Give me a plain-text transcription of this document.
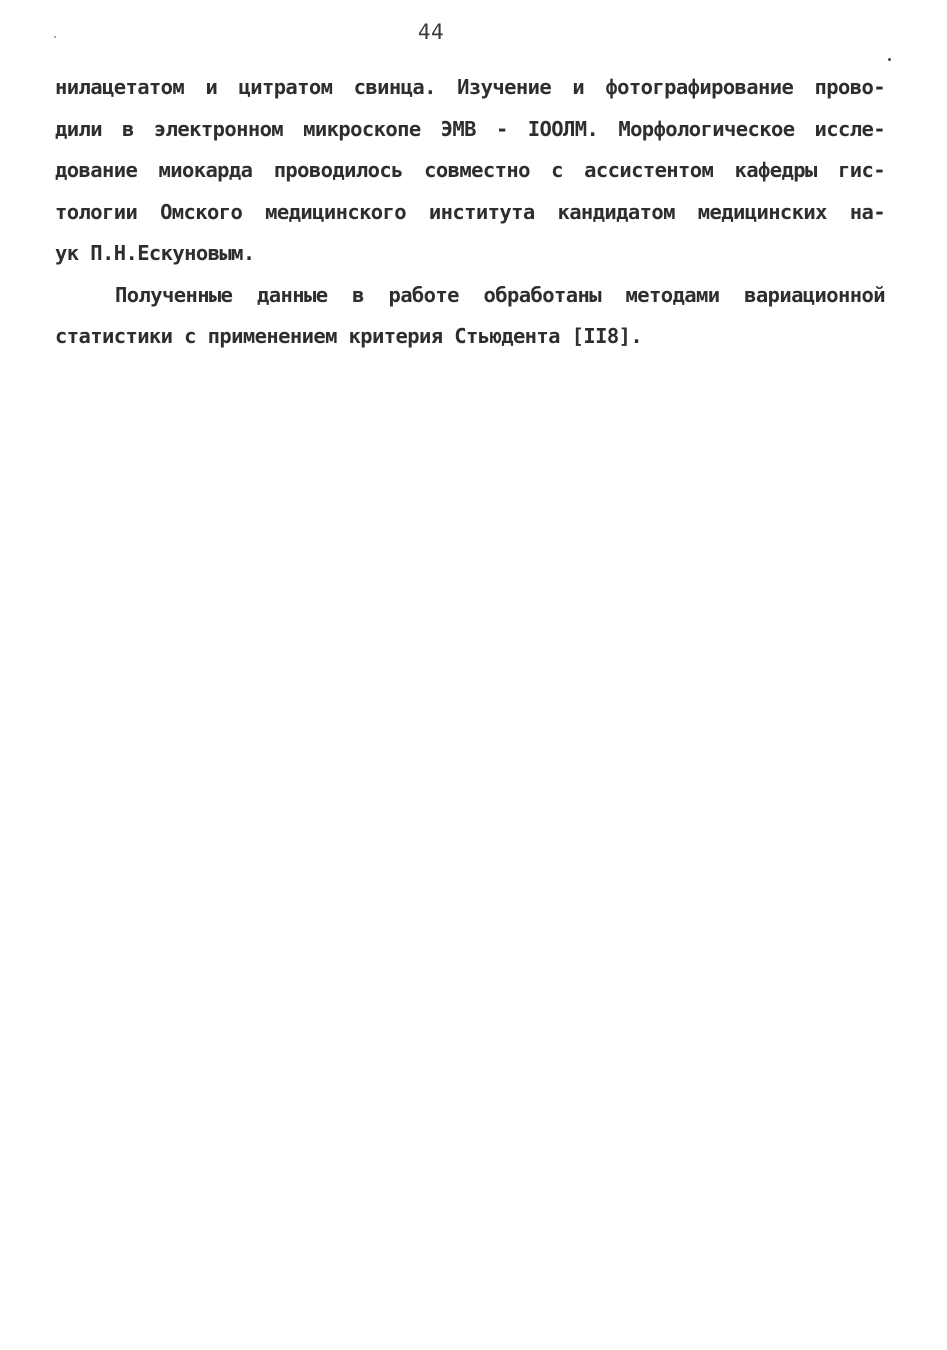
44
нилацетатом и цитратом свинца. Изучение и фотографирование прово-
дили в электронном микроскопе ЭМВ - IOOЛМ. Морфологическое иссле-
дование миокарда проводилось совместно с ассистентом кафедры гис-
тологии Омского медицинского института кандидатом медицинских на-
ук П.Н.Ескуновым.
Полученные данные в работе обработаны методами вариационной
статистики с применением критерия Стьюдента [II8].
